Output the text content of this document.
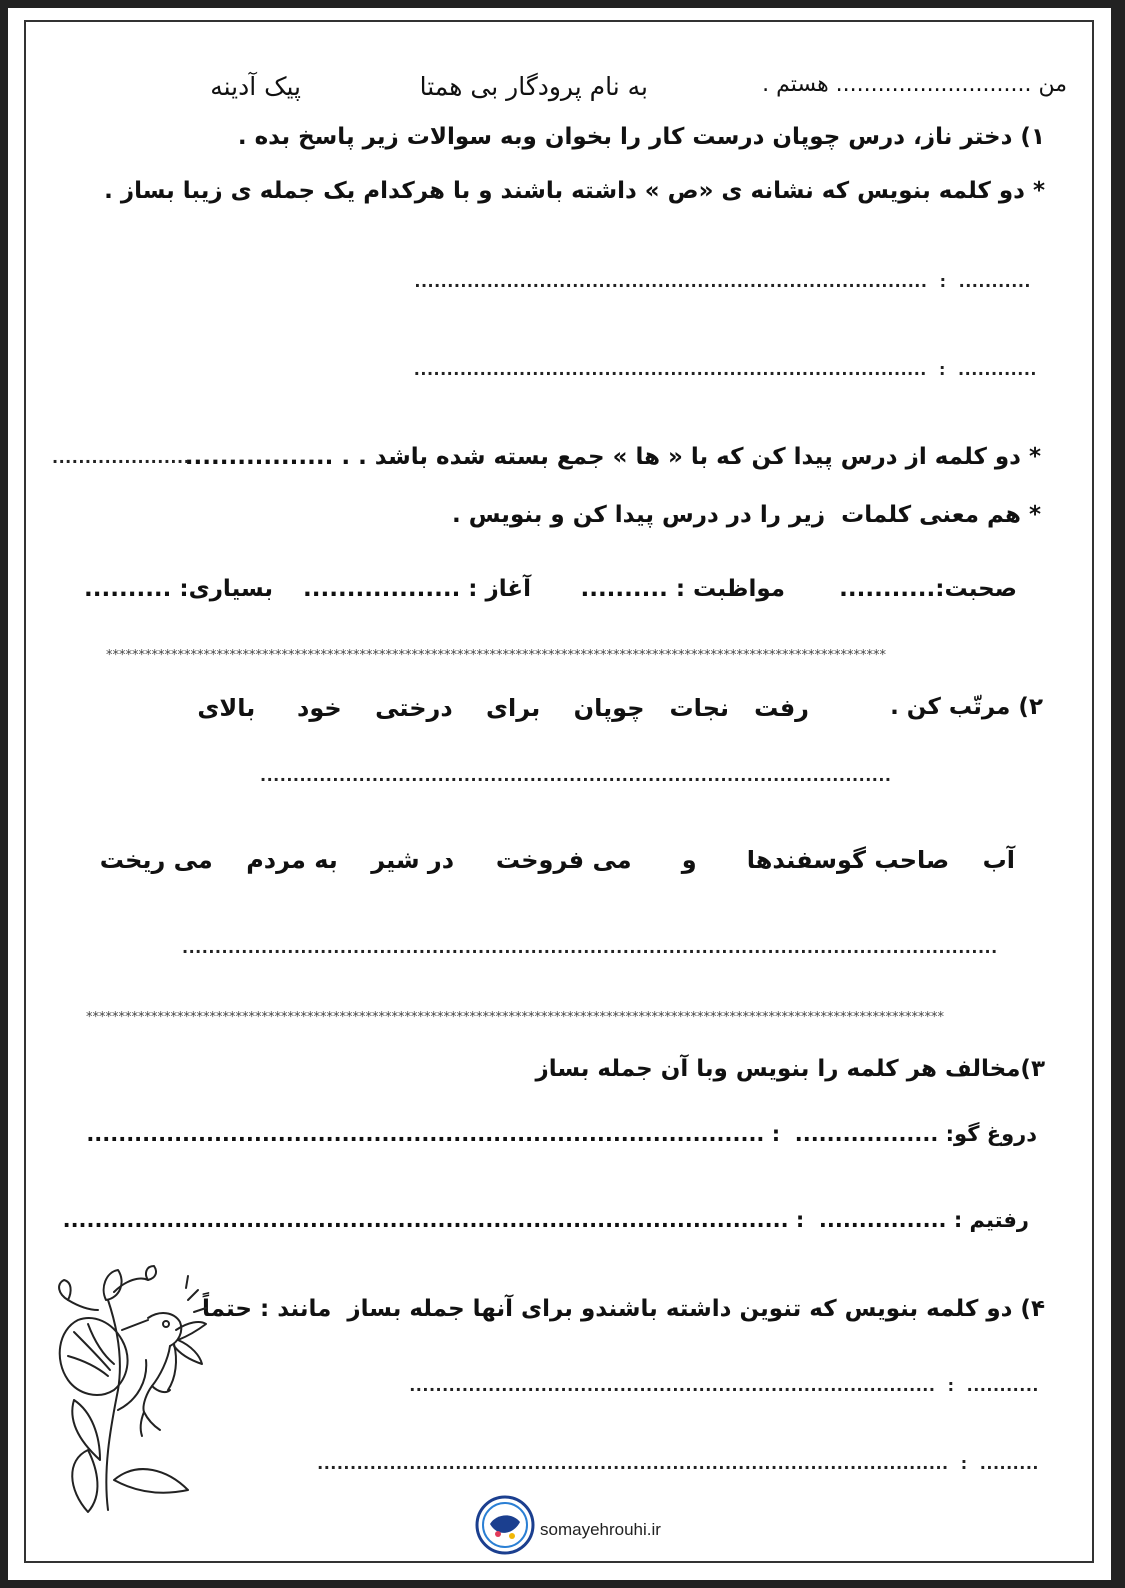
پیک آدینه	به نام پرودگار بی همتا	من ............................ هستم .
۱) دختر ناز، درس چوپان درست کار را بخوان وبه سوالات زیر پاسخ بده .
* دو کلمه بنویس که نشانه ی «ص » داشته باشند و با هرکدام یک جمله ی زیبا بساز .
..............................................................................  :  ...........
..............................................................................  :  ............
* دو کلمه از درس پیدا کن که با « ها » جمع بسته شده باشد . . .................
.....................
* هم معنی کلمات  زیر را در درس پیدا کن و بنویس .
صحبت:...........
مواظبت : ..........
آغاز : ..................
بسیاری: ..........
************************************************************************************************************************
۲) مرتّب کن .
رفت   نجات   چوپان    برای    درختی    خود     بالای
................................................................................................
آب    صاحب گوسفندها      و      می فروخت     در شیر    به مردم    می ریخت
............................................................................................................................
************************************************************************************************************************************
۳)مخالف هر کلمه را بنویس وبا آن جمله بساز
دروغ گو: ..................  : .....................................................................................
رفتیم : ................  : ...........................................................................................
۴) دو کلمه بنویس که تنوین داشته باشندو برای آنها جمله بساز  مانند : حتماً
................................................................................  :  ...........
................................................................................................  :  .........
somayehrouhi.ir
